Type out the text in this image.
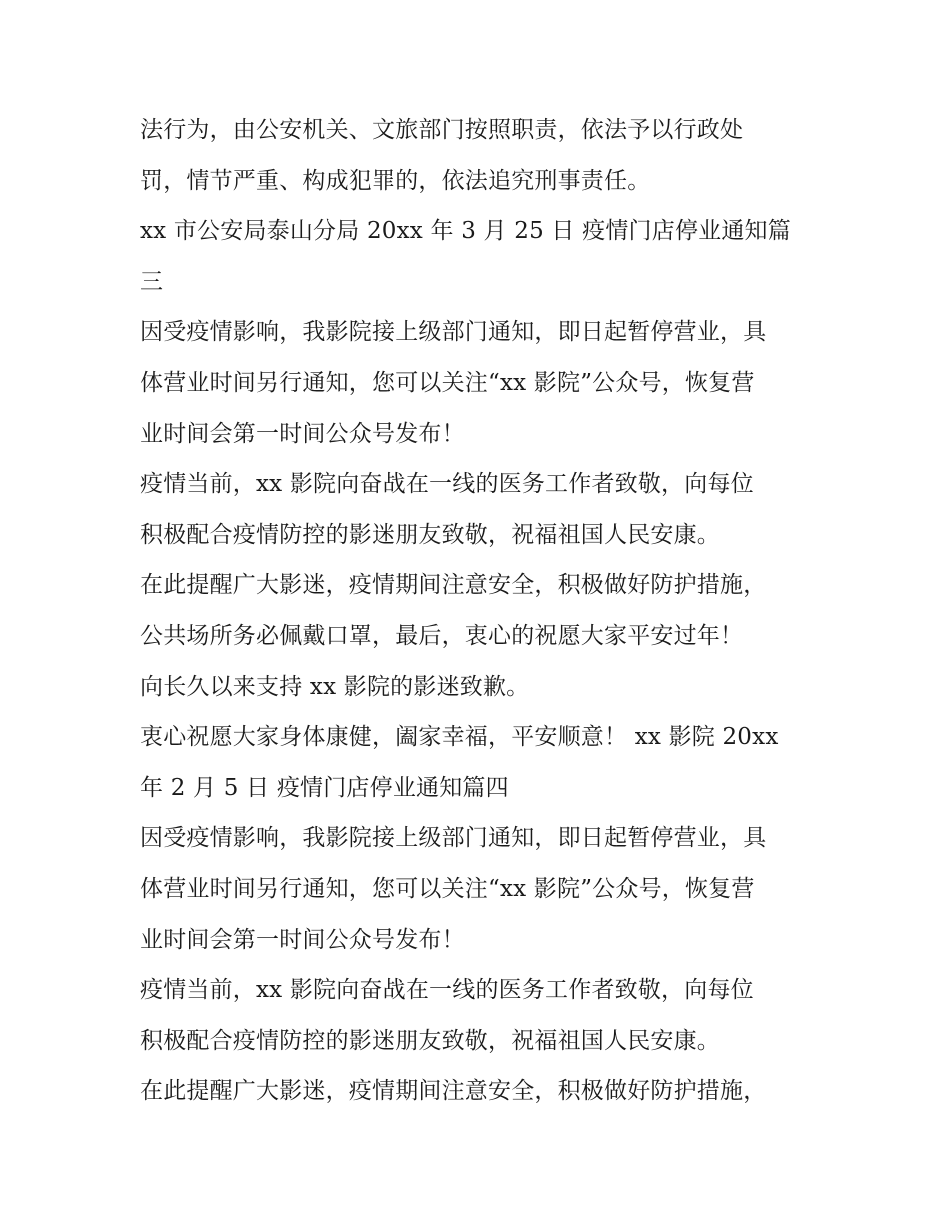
法行为，由公安机关、文旅部门按照职责，依法予以行政处
罚，情节严重、构成犯罪的，依法追究刑事责任。
xx 市公安局泰山分局 20xx 年 3 月 25 日 疫情门店停业通知篇
三
因受疫情影响，我影院接上级部门通知，即日起暂停营业，具
体营业时间另行通知，您可以关注“xx 影院”公众号，恢复营
业时间会第一时间公众号发布！
疫情当前，xx 影院向奋战在一线的医务工作者致敬，向每位
积极配合疫情防控的影迷朋友致敬，祝福祖国人民安康。
在此提醒广大影迷，疫情期间注意安全，积极做好防护措施，
公共场所务必佩戴口罩，最后，衷心的祝愿大家平安过年！
向长久以来支持 xx 影院的影迷致歉。
衷心祝愿大家身体康健，阖家幸福，平安顺意！ xx 影院 20xx
年 2 月 5 日 疫情门店停业通知篇四
因受疫情影响，我影院接上级部门通知，即日起暂停营业，具
体营业时间另行通知，您可以关注“xx 影院”公众号，恢复营
业时间会第一时间公众号发布！
疫情当前，xx 影院向奋战在一线的医务工作者致敬，向每位
积极配合疫情防控的影迷朋友致敬，祝福祖国人民安康。
在此提醒广大影迷，疫情期间注意安全，积极做好防护措施，
